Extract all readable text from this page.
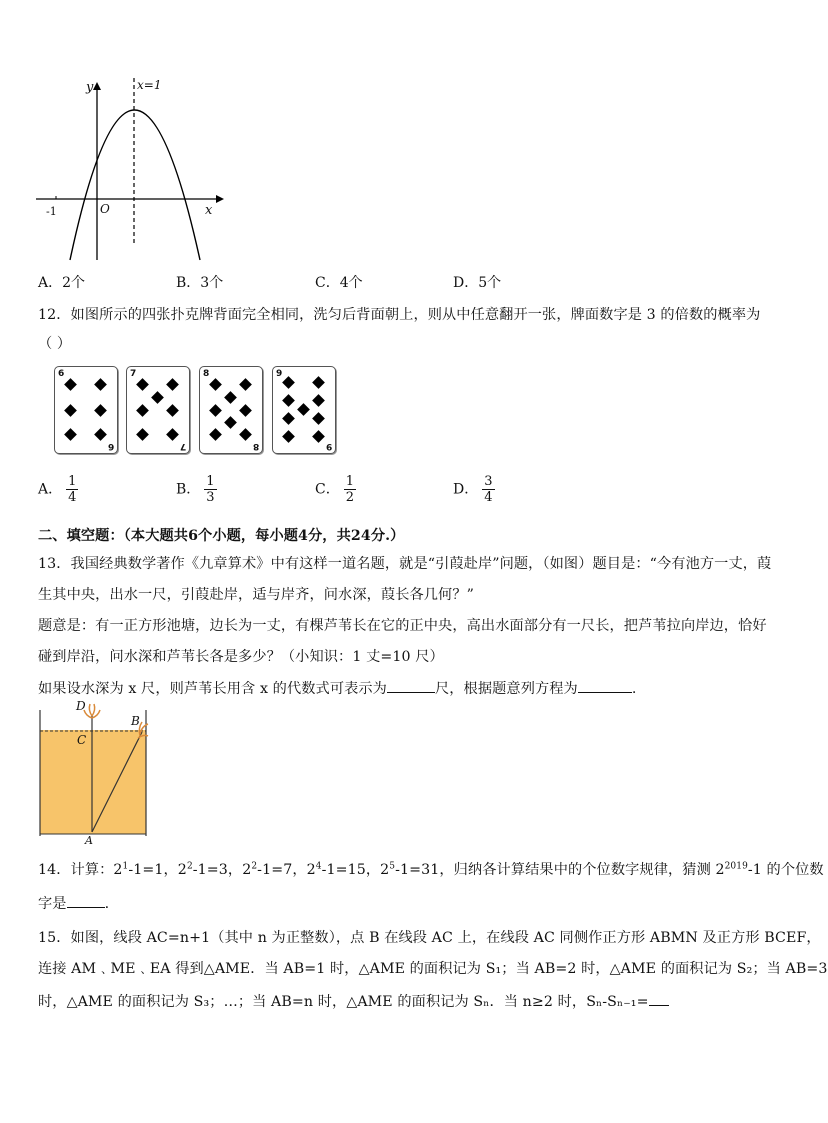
y	x=1
-1	O	x
A．2个	B．3个	C．4个	D．5个
12．如图所示的四张扑克牌背面完全相同，洗匀后背面朝上，则从中任意翻开一张，牌面数字是 3 的倍数的概率为
（ ）
6
6
7
7
8
8
9
9
A． $\frac{1}{4}$	B． $\frac{1}{3}$	C． $\frac{1}{2}$	D． $\frac{3}{4}$
二、填空题：（本大题共6个小题，每小题4分，共24分.）
13．我国经典数学著作《九章算术》中有这样一道名题，就是“引葭赴岸”问题，（如图）题目是：“今有池方一丈，葭
生其中央，出水一尺，引葭赴岸，适与岸齐，问水深，葭长各几何？”
题意是：有一正方形池塘，边长为一丈，有棵芦苇长在它的正中央，高出水面部分有一尺长，把芦苇拉向岸边，恰好
碰到岸沿，问水深和芦苇长各是多少？（小知识：1 丈=10 尺）
如果设水深为 x 尺，则芦苇长用含 x 的代数式可表示为	尺，根据题意列方程为	.
D
B
C
A
14．计算：$2^1-1=1$，$2^2-1=3$，$2^2-1=7$，$2^4-1=15$，$2^5-1=31$，归纳各计算结果中的个位数字规律，猜测 $2^{2019}-1$ 的个位数
字是	.
15．如图，线段 AC=n+1（其中 n 为正整数），点 B 在线段 AC 上，在线段 AC 同侧作正方形 ABMN 及正方形 BCEF，
连接 AM﹑ME﹑EA 得到△AME．当 AB=1 时，△AME 的面积记为 S₁；当 AB=2 时，△AME 的面积记为 S₂；当 AB=3
时，△AME 的面积记为 S₃；…；当 AB=n 时，△AME 的面积记为 Sₙ．当 n≥2 时，Sₙ-Sₙ₋₁=
